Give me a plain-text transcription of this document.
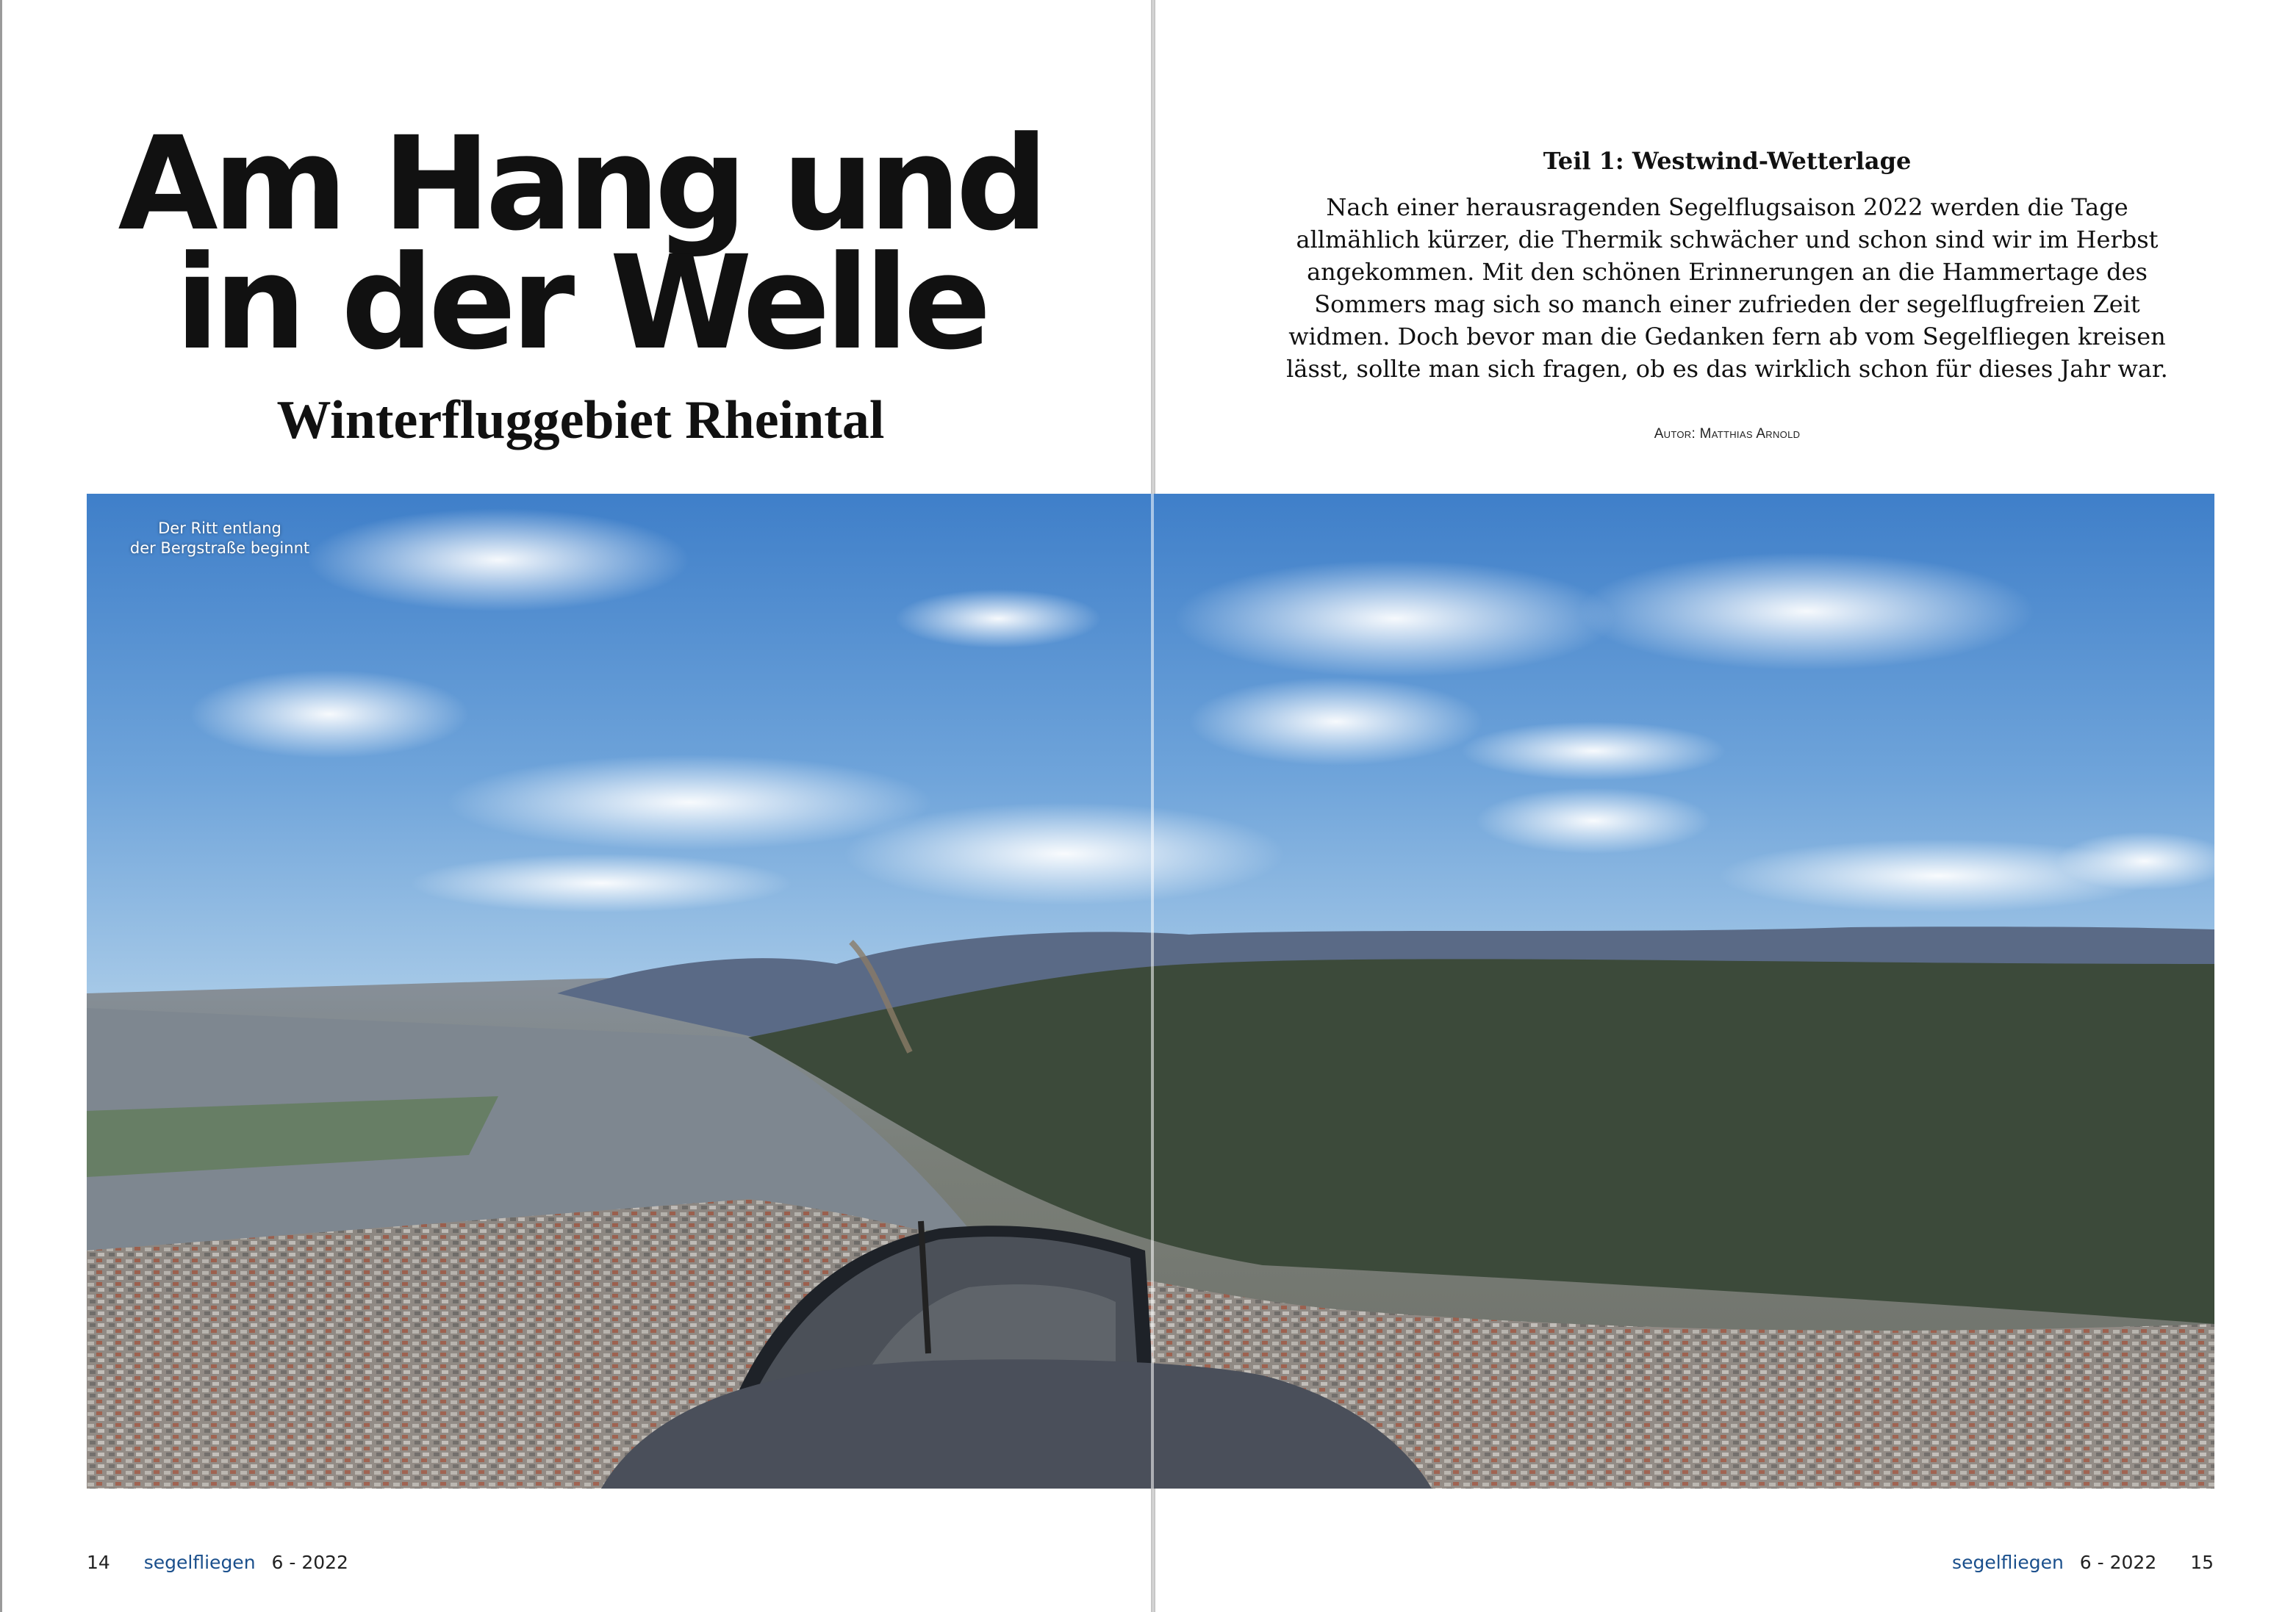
Am Hang und
in der Welle
Winterfluggebiet Rheintal
Teil 1: Westwind-Wetterlage

Nach einer herausragenden Segelflugsaison 2022 werden die Tage allmählich kürzer, die Thermik schwächer und schon sind wir im Herbst angekommen. Mit den schönen Erinnerungen an die Hammertage des Sommers mag sich so manch einer zufrieden der segelflugfreien Zeit widmen. Doch bevor man die Gedanken fern ab vom Segelfliegen kreisen lässt, sollte man sich fragen, ob es das wirklich schon für dieses Jahr war.

Autor: Matthias Arnold
Der Ritt entlang
der Bergstraße beginnt
14 segelfliegen 6 - 2022	segelfliegen 6 - 2022 15
